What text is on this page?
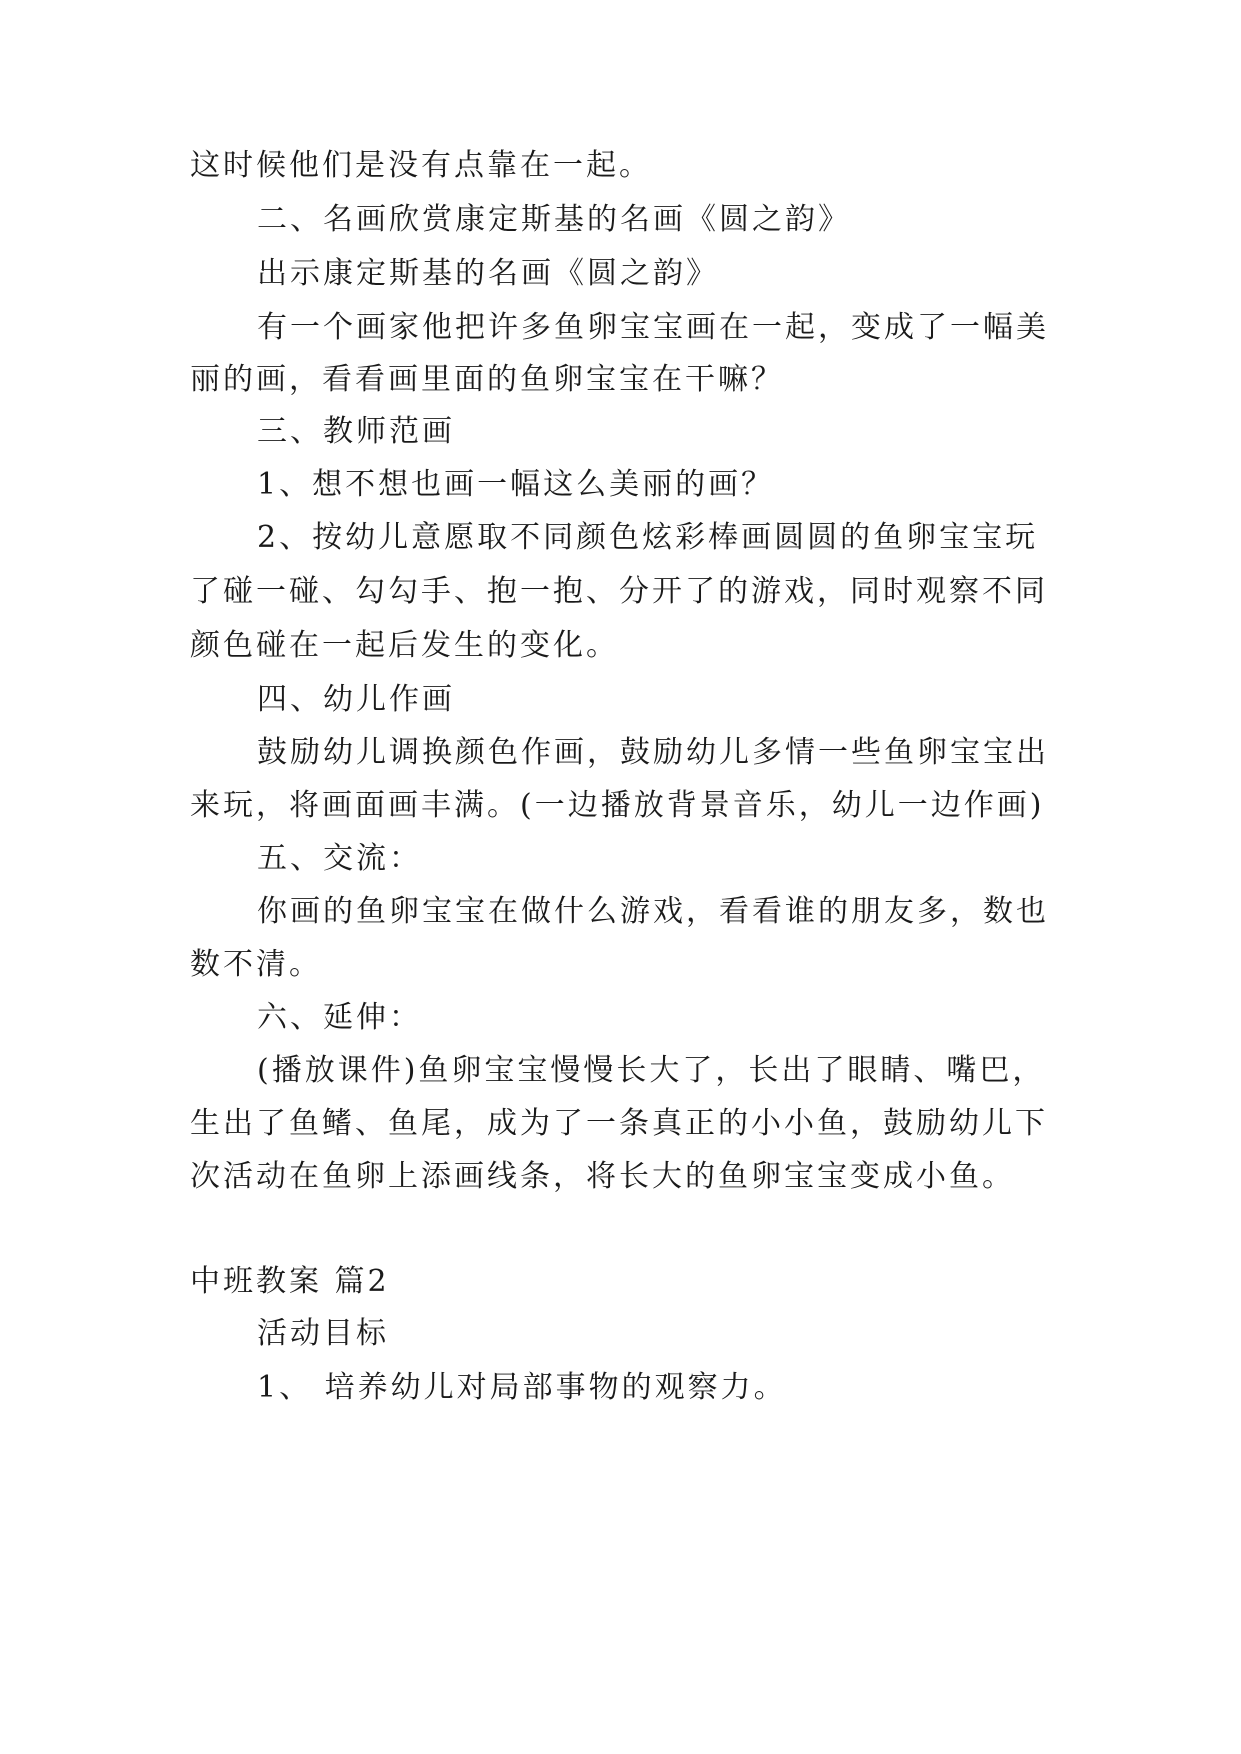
这时候他们是没有点靠在一起。

二、名画欣赏康定斯基的名画《圆之韵》

出示康定斯基的名画《圆之韵》

有一个画家他把许多鱼卵宝宝画在一起，变成了一幅美

丽的画，看看画里面的鱼卵宝宝在干嘛？

三、教师范画

1、想不想也画一幅这么美丽的画？

2、按幼儿意愿取不同颜色炫彩棒画圆圆的鱼卵宝宝玩

了碰一碰、勾勾手、抱一抱、分开了的游戏，同时观察不同

颜色碰在一起后发生的变化。

四、幼儿作画

鼓励幼儿调换颜色作画，鼓励幼儿多情一些鱼卵宝宝出

来玩，将画面画丰满。(一边播放背景音乐，幼儿一边作画)

五、交流：

你画的鱼卵宝宝在做什么游戏，看看谁的朋友多，数也

数不清。

六、延伸：

(播放课件)鱼卵宝宝慢慢长大了，长出了眼睛、嘴巴，

生出了鱼鳍、鱼尾，成为了一条真正的小小鱼，鼓励幼儿下

次活动在鱼卵上添画线条，将长大的鱼卵宝宝变成小鱼。

中班教案 篇2

活动目标

1、 培养幼儿对局部事物的观察力。
